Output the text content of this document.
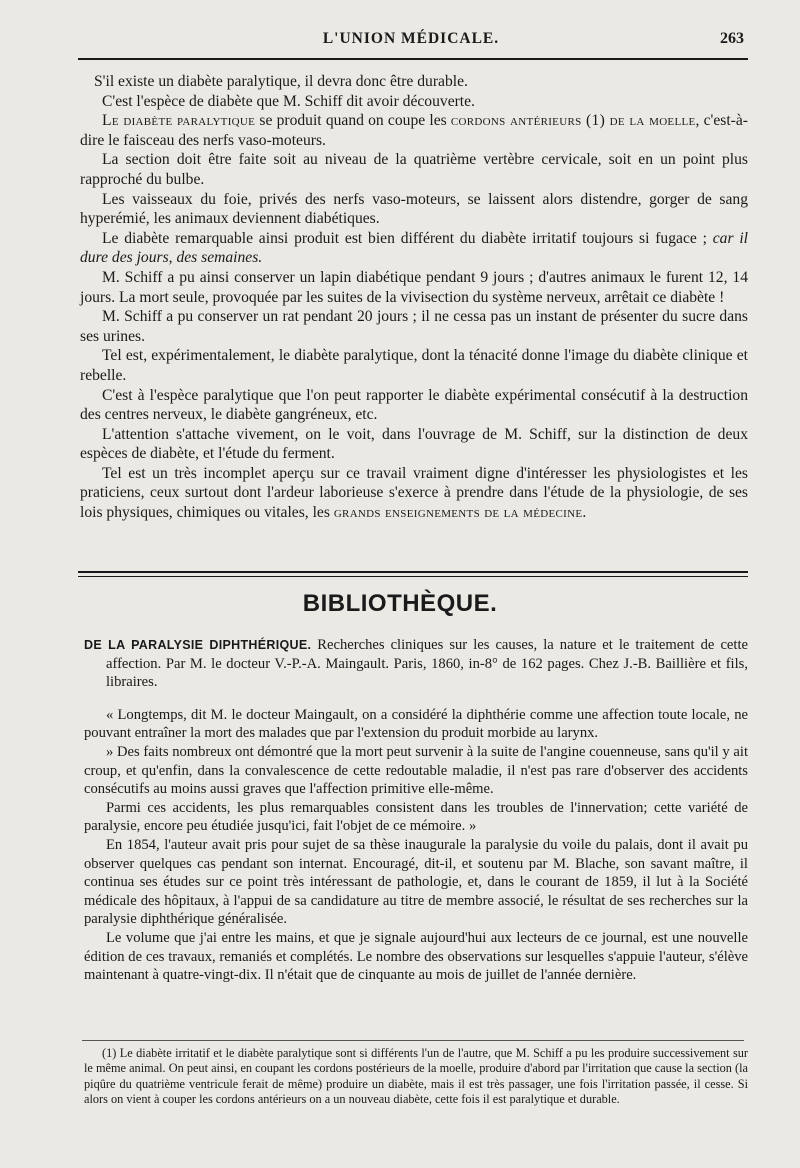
L'UNION MÉDICALE.	263

S'il existe un diabète paralytique, il devra donc être durable.

C'est l'espèce de diabète que M. Schiff dit avoir découverte.

Le diabète paralytique se produit quand on coupe les cordons antérieurs (1) de la moelle, c'est-à-dire le faisceau des nerfs vaso-moteurs.

La section doit être faite soit au niveau de la quatrième vertèbre cervicale, soit en un point plus rapproché du bulbe.

Les vaisseaux du foie, privés des nerfs vaso-moteurs, se laissent alors distendre, gorger de sang hyperémié, les animaux deviennent diabétiques.

Le diabète remarquable ainsi produit est bien différent du diabète irritatif toujours si fugace ; car il dure des jours, des semaines.

M. Schiff a pu ainsi conserver un lapin diabétique pendant 9 jours ; d'autres animaux le furent 12, 14 jours. La mort seule, provoquée par les suites de la vivisection du système nerveux, arrêtait ce diabète !

M. Schiff a pu conserver un rat pendant 20 jours ; il ne cessa pas un instant de présenter du sucre dans ses urines.

Tel est, expérimentalement, le diabète paralytique, dont la ténacité donne l'image du diabète clinique et rebelle.

C'est à l'espèce paralytique que l'on peut rapporter le diabète expérimental consécutif à la destruction des centres nerveux, le diabète gangréneux, etc.

L'attention s'attache vivement, on le voit, dans l'ouvrage de M. Schiff, sur la distinction de deux espèces de diabète, et l'étude du ferment.

Tel est un très incomplet aperçu sur ce travail vraiment digne d'intéresser les physiologistes et les praticiens, ceux surtout dont l'ardeur laborieuse s'exerce à prendre dans l'étude de la physiologie, de ses lois physiques, chimiques ou vitales, les grands enseignements de la médecine.

BIBLIOTHÈQUE.

DE LA PARALYSIE DIPHTHÉRIQUE. Recherches cliniques sur les causes, la nature et le traitement de cette affection. Par M. le docteur V.-P.-A. Maingault. Paris, 1860, in-8° de 162 pages. Chez J.-B. Baillière et fils, libraires.

« Longtemps, dit M. le docteur Maingault, on a considéré la diphthérie comme une affection toute locale, ne pouvant entraîner la mort des malades que par l'extension du produit morbide au larynx.

» Des faits nombreux ont démontré que la mort peut survenir à la suite de l'angine couenneuse, sans qu'il y ait croup, et qu'enfin, dans la convalescence de cette redoutable maladie, il n'est pas rare d'observer des accidents consécutifs au moins aussi graves que l'affection primitive elle-même.

Parmi ces accidents, les plus remarquables consistent dans les troubles de l'innervation; cette variété de paralysie, encore peu étudiée jusqu'ici, fait l'objet de ce mémoire. »

En 1854, l'auteur avait pris pour sujet de sa thèse inaugurale la paralysie du voile du palais, dont il avait pu observer quelques cas pendant son internat. Encouragé, dit-il, et soutenu par M. Blache, son savant maître, il continua ses études sur ce point très intéressant de pathologie, et, dans le courant de 1859, il lut à la Société médicale des hôpitaux, à l'appui de sa candidature au titre de membre associé, le résultat de ses recherches sur la paralysie diphthérique généralisée.

Le volume que j'ai entre les mains, et que je signale aujourd'hui aux lecteurs de ce journal, est une nouvelle édition de ces travaux, remaniés et complétés. Le nombre des observations sur lesquelles s'appuie l'auteur, s'élève maintenant à quatre-vingt-dix. Il n'était que de cinquante au mois de juillet de l'année dernière.

(1) Le diabète irritatif et le diabète paralytique sont si différents l'un de l'autre, que M. Schiff a pu les produire successivement sur le même animal. On peut ainsi, en coupant les cordons postérieurs de la moelle, produire d'abord par l'irritation que cause la section (la piqûre du quatrième ventricule ferait de même) produire un diabète, mais il est très passager, une fois l'irritation passée, il cesse. Si alors on vient à couper les cordons antérieurs on a un nouveau diabète, cette fois il est paralytique et durable.
